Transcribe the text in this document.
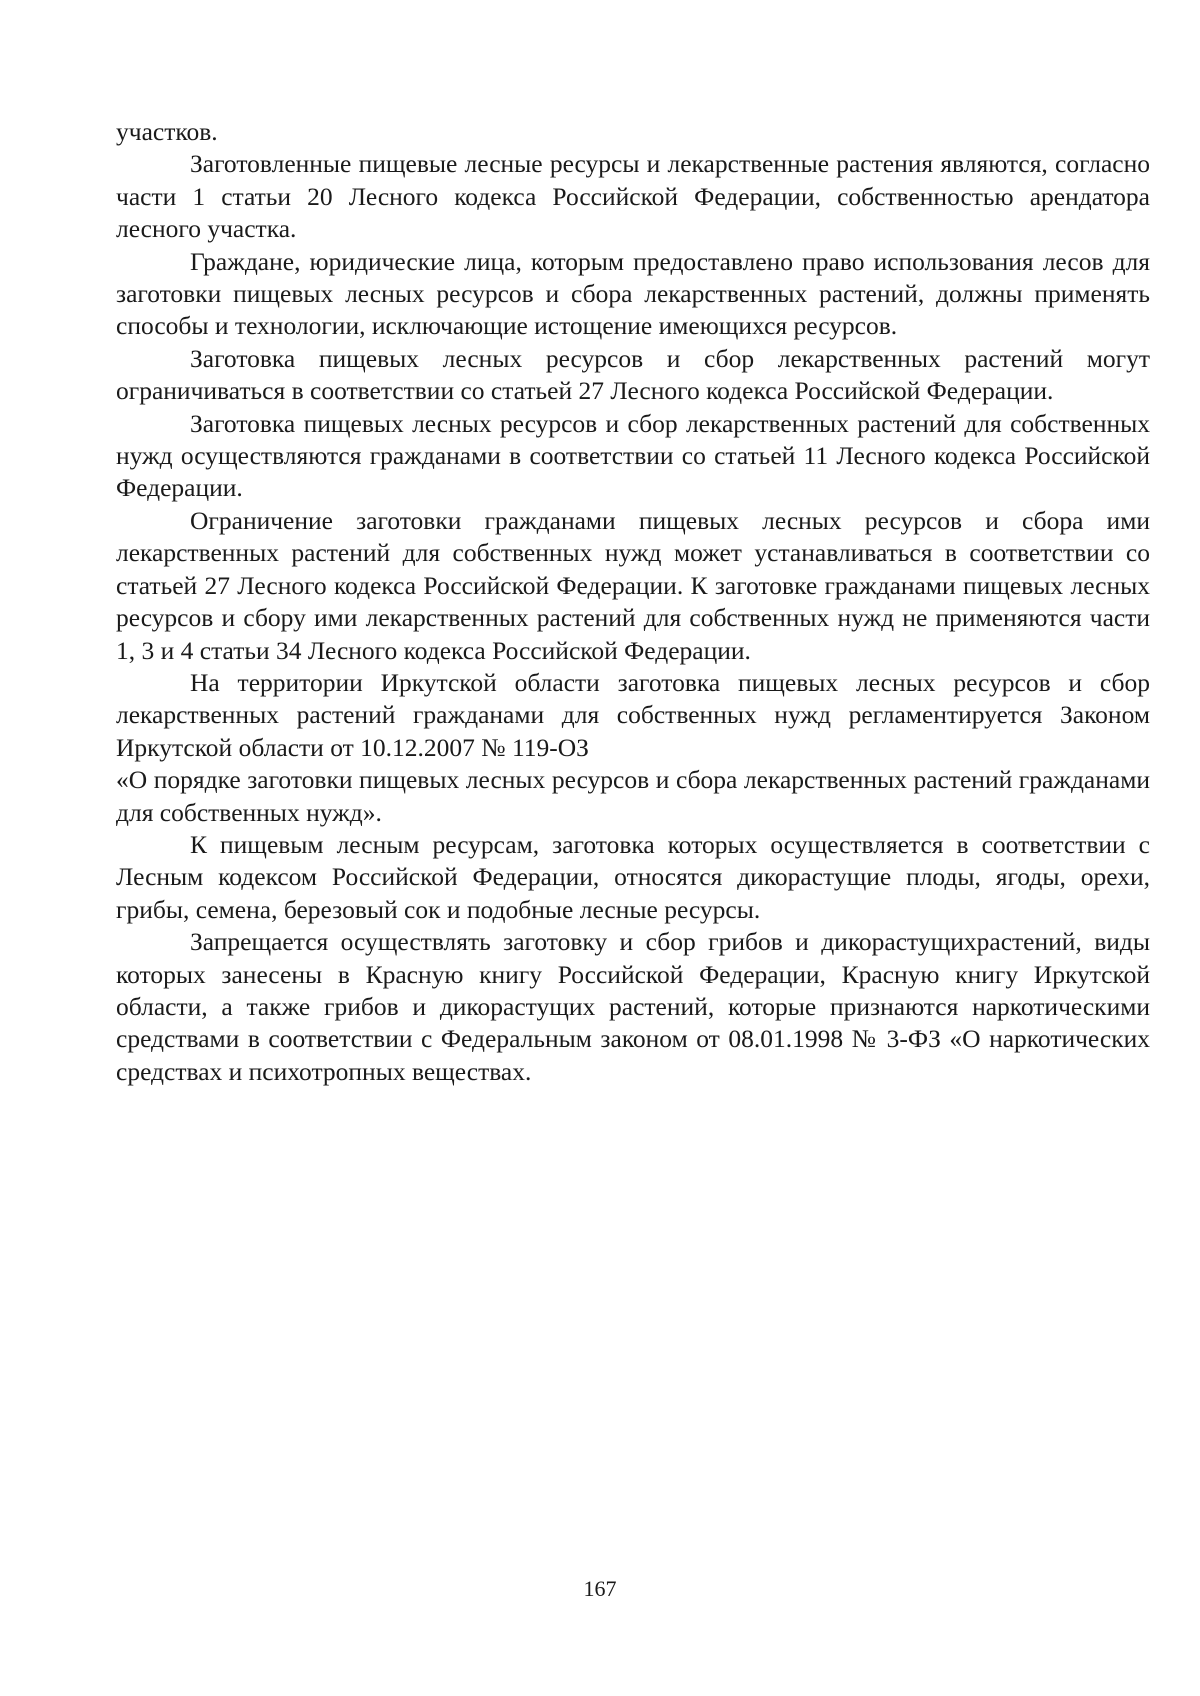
участков.

Заготовленные пищевые лесные ресурсы и лекарственные растения являются, согласно части 1 статьи 20 Лесного кодекса Российской Федерации, собственностью арендатора лесного участка.

Граждане, юридические лица, которым предоставлено право использования лесов для заготовки пищевых лесных ресурсов и сбора лекарственных растений, должны применять способы и технологии, исключающие истощение имеющихся ресурсов.

Заготовка пищевых лесных ресурсов и сбор лекарственных растений могут ограничиваться в соответствии со статьей 27 Лесного кодекса Российской Федерации.

Заготовка пищевых лесных ресурсов и сбор лекарственных растений для собственных нужд осуществляются гражданами в соответствии со статьей 11 Лесного кодекса Российской Федерации.

Ограничение заготовки гражданами пищевых лесных ресурсов и сбора ими лекарственных растений для собственных нужд может устанавливаться в соответствии со статьей 27 Лесного кодекса Российской Федерации. К заготовке гражданами пищевых лесных ресурсов и сбору ими лекарственных растений для собственных нужд не применяются части 1, 3 и 4 статьи 34 Лесного кодекса Российской Федерации.

На территории Иркутской области заготовка пищевых лесных ресурсов и сбор лекарственных растений гражданами для собственных нужд регламентируется Законом Иркутской области от 10.12.2007 № 119-ОЗ

«О порядке заготовки пищевых лесных ресурсов и сбора лекарственных растений гражданами для собственных нужд».

К пищевым лесным ресурсам, заготовка которых осуществляется в соответствии с Лесным кодексом Российской Федерации, относятся дикорастущие плоды, ягоды, орехи, грибы, семена, березовый сок и подобные лесные ресурсы.

Запрещается осуществлять заготовку и сбор грибов и дикорастущихрастений, виды которых занесены в Красную книгу Российской Федерации, Красную книгу Иркутской области, а также грибов и дикорастущих растений, которые признаются наркотическими средствами в соответствии с Федеральным законом от 08.01.1998 № 3-ФЗ «О наркотических средствах и психотропных веществах.

167
